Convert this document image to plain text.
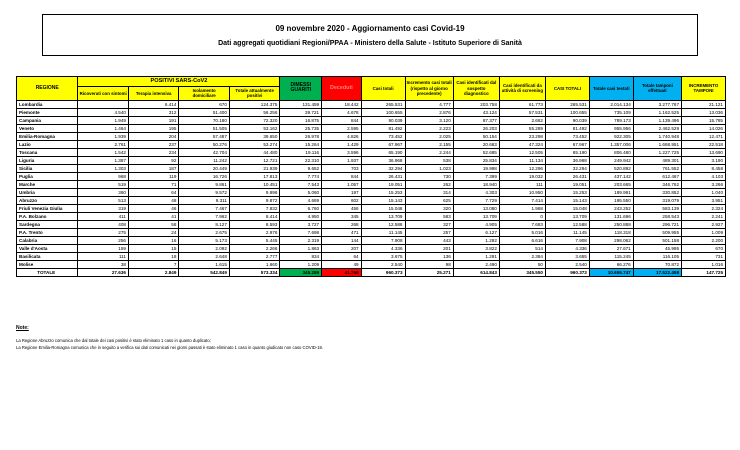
09 novembre 2020 - Aggiornamento casi Covid-19
Dati aggregati quotidiani Regioni/PPAA - Ministero della Salute - Istituto Superiore di Sanità
REGIONE	POSITIVI SARS-CoV2				DIMESSI GUARITI	Deceduti	Casi totali	Incremento casi totali (rispetto al giorno precedente)	Casi identificati dal sospetto diagnostico	Casi identificati da attività di screening	CASI TOTALI	Totale casi testati	Totale tamponi effettuati	INCREMENTO TAMPONI
	Ricoverati con sintomi	Terapia intensiva	Isolamento domiciliare	Totale attualmente positivi										
Lombardia		6.414	670	124.375	131.459	18.442	265.531	4.777	203.758	61.773	265.531	2.014.134	3.277.767	21.121
Piemonte	4.540	312	51.400	56.256	39.721	4.678	100.655	2.876	43.124	57.531	100.655	735.109	1.162.525	13.036
Campania	1.949	191	70.180	72.320	16.875	844	90.039	3.120	87.377	2.662	90.039	789.173	1.139.496	15.785
Veneto	1.464	195	51.505	53.162	25.735	2.595	81.492	2.223	26.203	55.289	81.492	955.956	2.462.529	14.026
Emilia-Romagna	1.939	204	57.487	39.650	26.978	4.826	73.452	2.025	50.154	23.298	73.452	922.305	1.740.948	12.471
Lazio	2.761	237	50.276	53.274	15.264	1.429	67.967	2.155	20.663	47.324	67.967	1.357.006	1.668.951	22.518
Toscana	1.542	234	42.704	44.480	19.116	3.596	65.190	2.244	52.685	12.505	65.190	806.480	1.227.725	13.690
Liguria	1.387	92	11.242	12.721	22.310	1.937	36.968	538	25.834	11.134	36.968	249.942	489.301	3.190
Sicilia	1.303	187	20.449	21.939	9.652	703	32.294	1.023	19.998	12.296	32.294	520.892	761.552	8.458
Puglia	968	119	16.726	17.813	7.774	844	26.431	730	7.399	19.032	26.431	437.142	612.467	4.103
Marche	519	71	9.861	10.451	7.543	1.057	19.051	262	18.940	111	19.051	203.665	346.762	3.266
Umbria	360	64	9.572	9.996	5.060	197	15.253	314	4.303	10.950	15.253	189.991	330.852	1.040
Abruzzo	513	48	9.311	9.872	4.669	602	15.143	625	7.729	7.414	15.143	195.550	319.079	3.951
Friuli Venezia Giulia	319	46	7.467	7.832	6.760	456	15.048	320	13.080	1.968	15.048	243.252	583.139	2.324
P.A. Bolzano	411	41	7.962	8.414	4.950	345	13.709	583	13.709	0	13.709	131.696	258.543	2.241
Sardegna	408	58	8.127	8.593	3.727	268	12.588	327	4.905	7.683	12.588	250.888	296.721	2.927
P.A. Trento	275	24	2.675	2.976	7.698	471	11.145	257	6.127	5.016	11.145	118.318	509.955	1.009
Calabria	256	16	5.173	5.445	2.319	144	7.908	443	1.292	6.616	7.908	298.062	501.158	2.200
Valle d'Aosta	159	15	2.092	2.266	1.863	207	4.336	201	3.822	514	4.336	27.671	45.995	670
Basilicata	111	18	2.648	2.777	834	64	3.675	136	1.291	2.384	3.655	115.245	116.105	731
Molise	38	7	1.615	1.660	1.209	49	2.540	98	2.490	50	2.540	66.276	70.872	1.016
TOTALE	27.636	2.849	542.849	573.334	345.289	41.750	960.373	25.271	614.843	345.550	960.373	10.655.747	17.522.458	147.725
Note:
La Regione Abruzzo comunica che dal totale dei casi positivi è stato eliminato 1 caso in quanto duplicato;
La Regione Emilia-Romagna comunica che in seguito a verifica sui dati comunicati nei giorni passati è stato eliminato 1 caso in quanto giudicato non caso COVID-19.
